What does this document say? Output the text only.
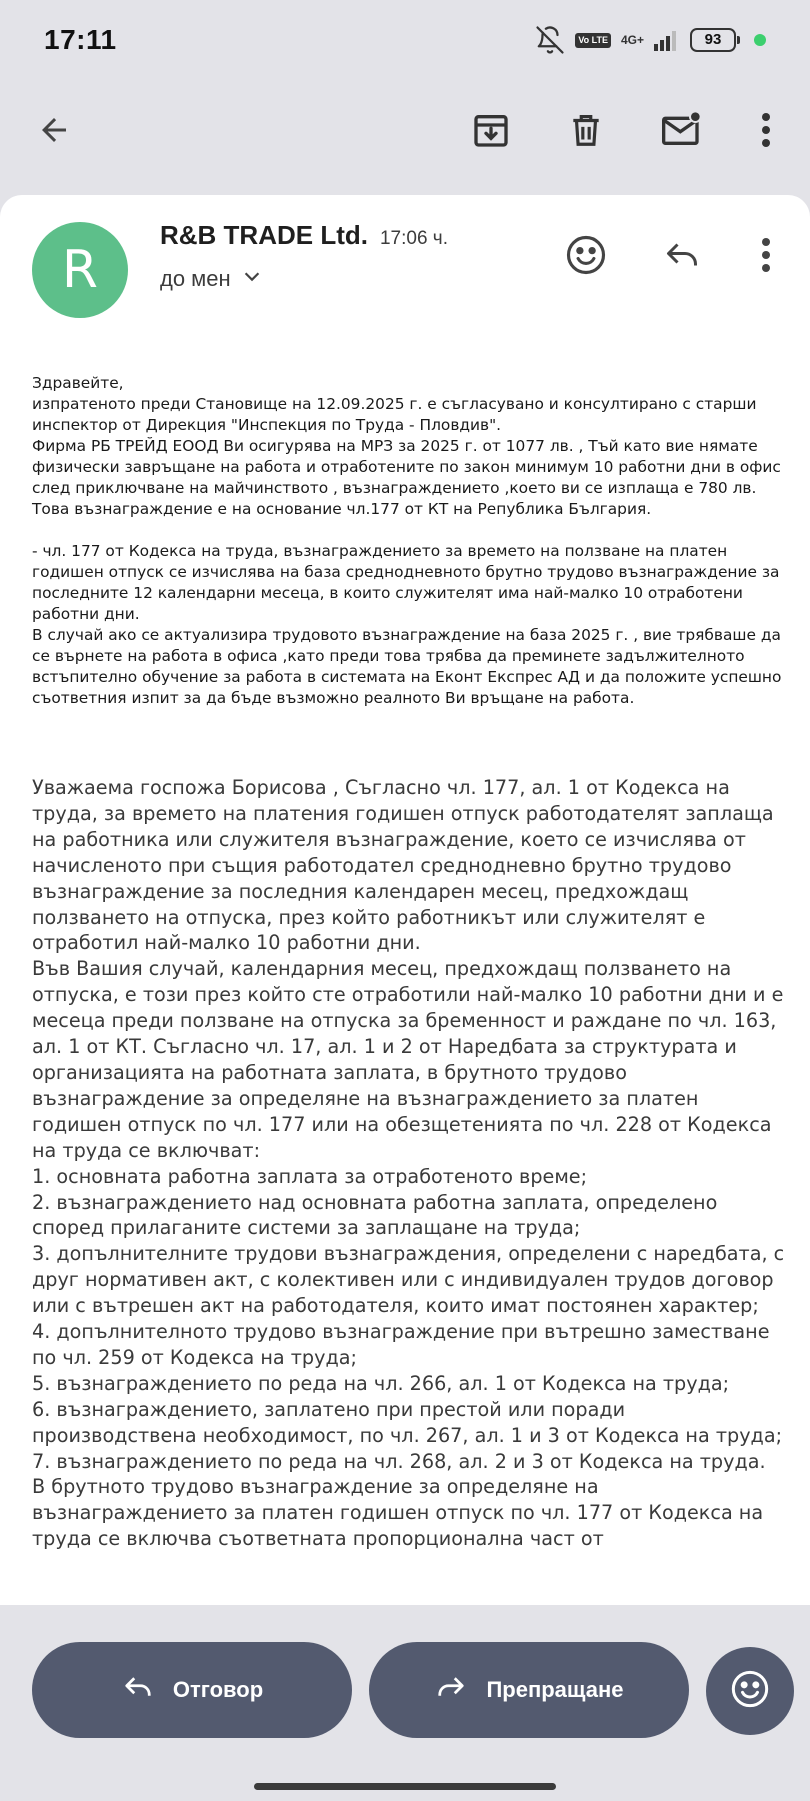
17:11	Vo LTE 4G+	93
R
R&B TRADE Ltd. 17:06 ч.
до мен
Здравейте,
изпратеното преди Становище на 12.09.2025 г. е съгласувано и консултирано с старши инспектор от Дирекция "Инспекция по Труда - Пловдив".
Фирма РБ ТРЕЙД ЕООД Ви осигурява на МРЗ за 2025 г. от 1077 лв. , Тъй като вие нямате физически завръщане на работа и отработените по закон минимум 10 работни дни в офис след приключване на майчинството , възнаграждението ,което ви се изплаща е 780 лв. Това възнаграждение е на основание чл.177 от КТ на Република България.

- чл. 177 от Кодекса на труда, възнаграждението за времето на ползване на платен годишен отпуск се изчислява на база среднодневното брутно трудово възнаграждение за последните 12 календарни месеца, в които служителят има най-малко 10 отработени работни дни.
В случай ако се актуализира трудовото възнаграждение на база 2025 г. , вие трябваше да се върнете на работа в офиса ,като преди това трябва да преминете задължителното встъпително обучение за работа в системата на Еконт Експрес АД и да положите успешно съответния изпит за да бъде възможно реалното Ви връщане на работа.
Уважаема госпожа Борисова , Съгласно чл. 177, ал. 1 от Кодекса на труда, за времето на платения годишен отпуск работодателят заплаща на работника или служителя възнаграждение, което се изчислява от начисленото при същия работодател среднодневно брутно трудово възнаграждение за последния календарен месец, предхождащ ползването на отпуска, през който работникът или служителят е отработил най-малко 10 работни дни.
Във Вашия случай, календарния месец, предхождащ ползването на отпуска, е този през който сте отработили най-малко 10 работни дни и е месеца преди ползване на отпуска за бременност и раждане по чл. 163, ал. 1 от КТ. Съгласно чл. 17, ал. 1 и 2 от Наредбата за структурата и организацията на работната заплата, в брутното трудово възнаграждение за определяне на възнаграждението за платен годишен отпуск по чл. 177 или на обезщетенията по чл. 228 от Кодекса на труда се включват:
1. основната работна заплата за отработеното време;
2. възнаграждението над основната работна заплата, определено според прилаганите системи за заплащане на труда;
3. допълнителните трудови възнаграждения, определени с наредбата, с друг нормативен акт, с колективен или с индивидуален трудов договор или с вътрешен акт на работодателя, които имат постоянен характер;
4. допълнителното трудово възнаграждение при вътрешно заместване по чл. 259 от Кодекса на труда;
5. възнаграждението по реда на чл. 266, ал. 1 от Кодекса на труда;
6. възнаграждението, заплатено при престой или поради производствена необходимост, по чл. 267, ал. 1 и 3 от Кодекса на труда;
7. възнаграждението по реда на чл. 268, ал. 2 и 3 от Кодекса на труда.
В брутното трудово възнаграждение за определяне на възнаграждението за платен годишен отпуск по чл. 177 от Кодекса на труда се включва съответната пропорционална част от
Отговор	Препращане
